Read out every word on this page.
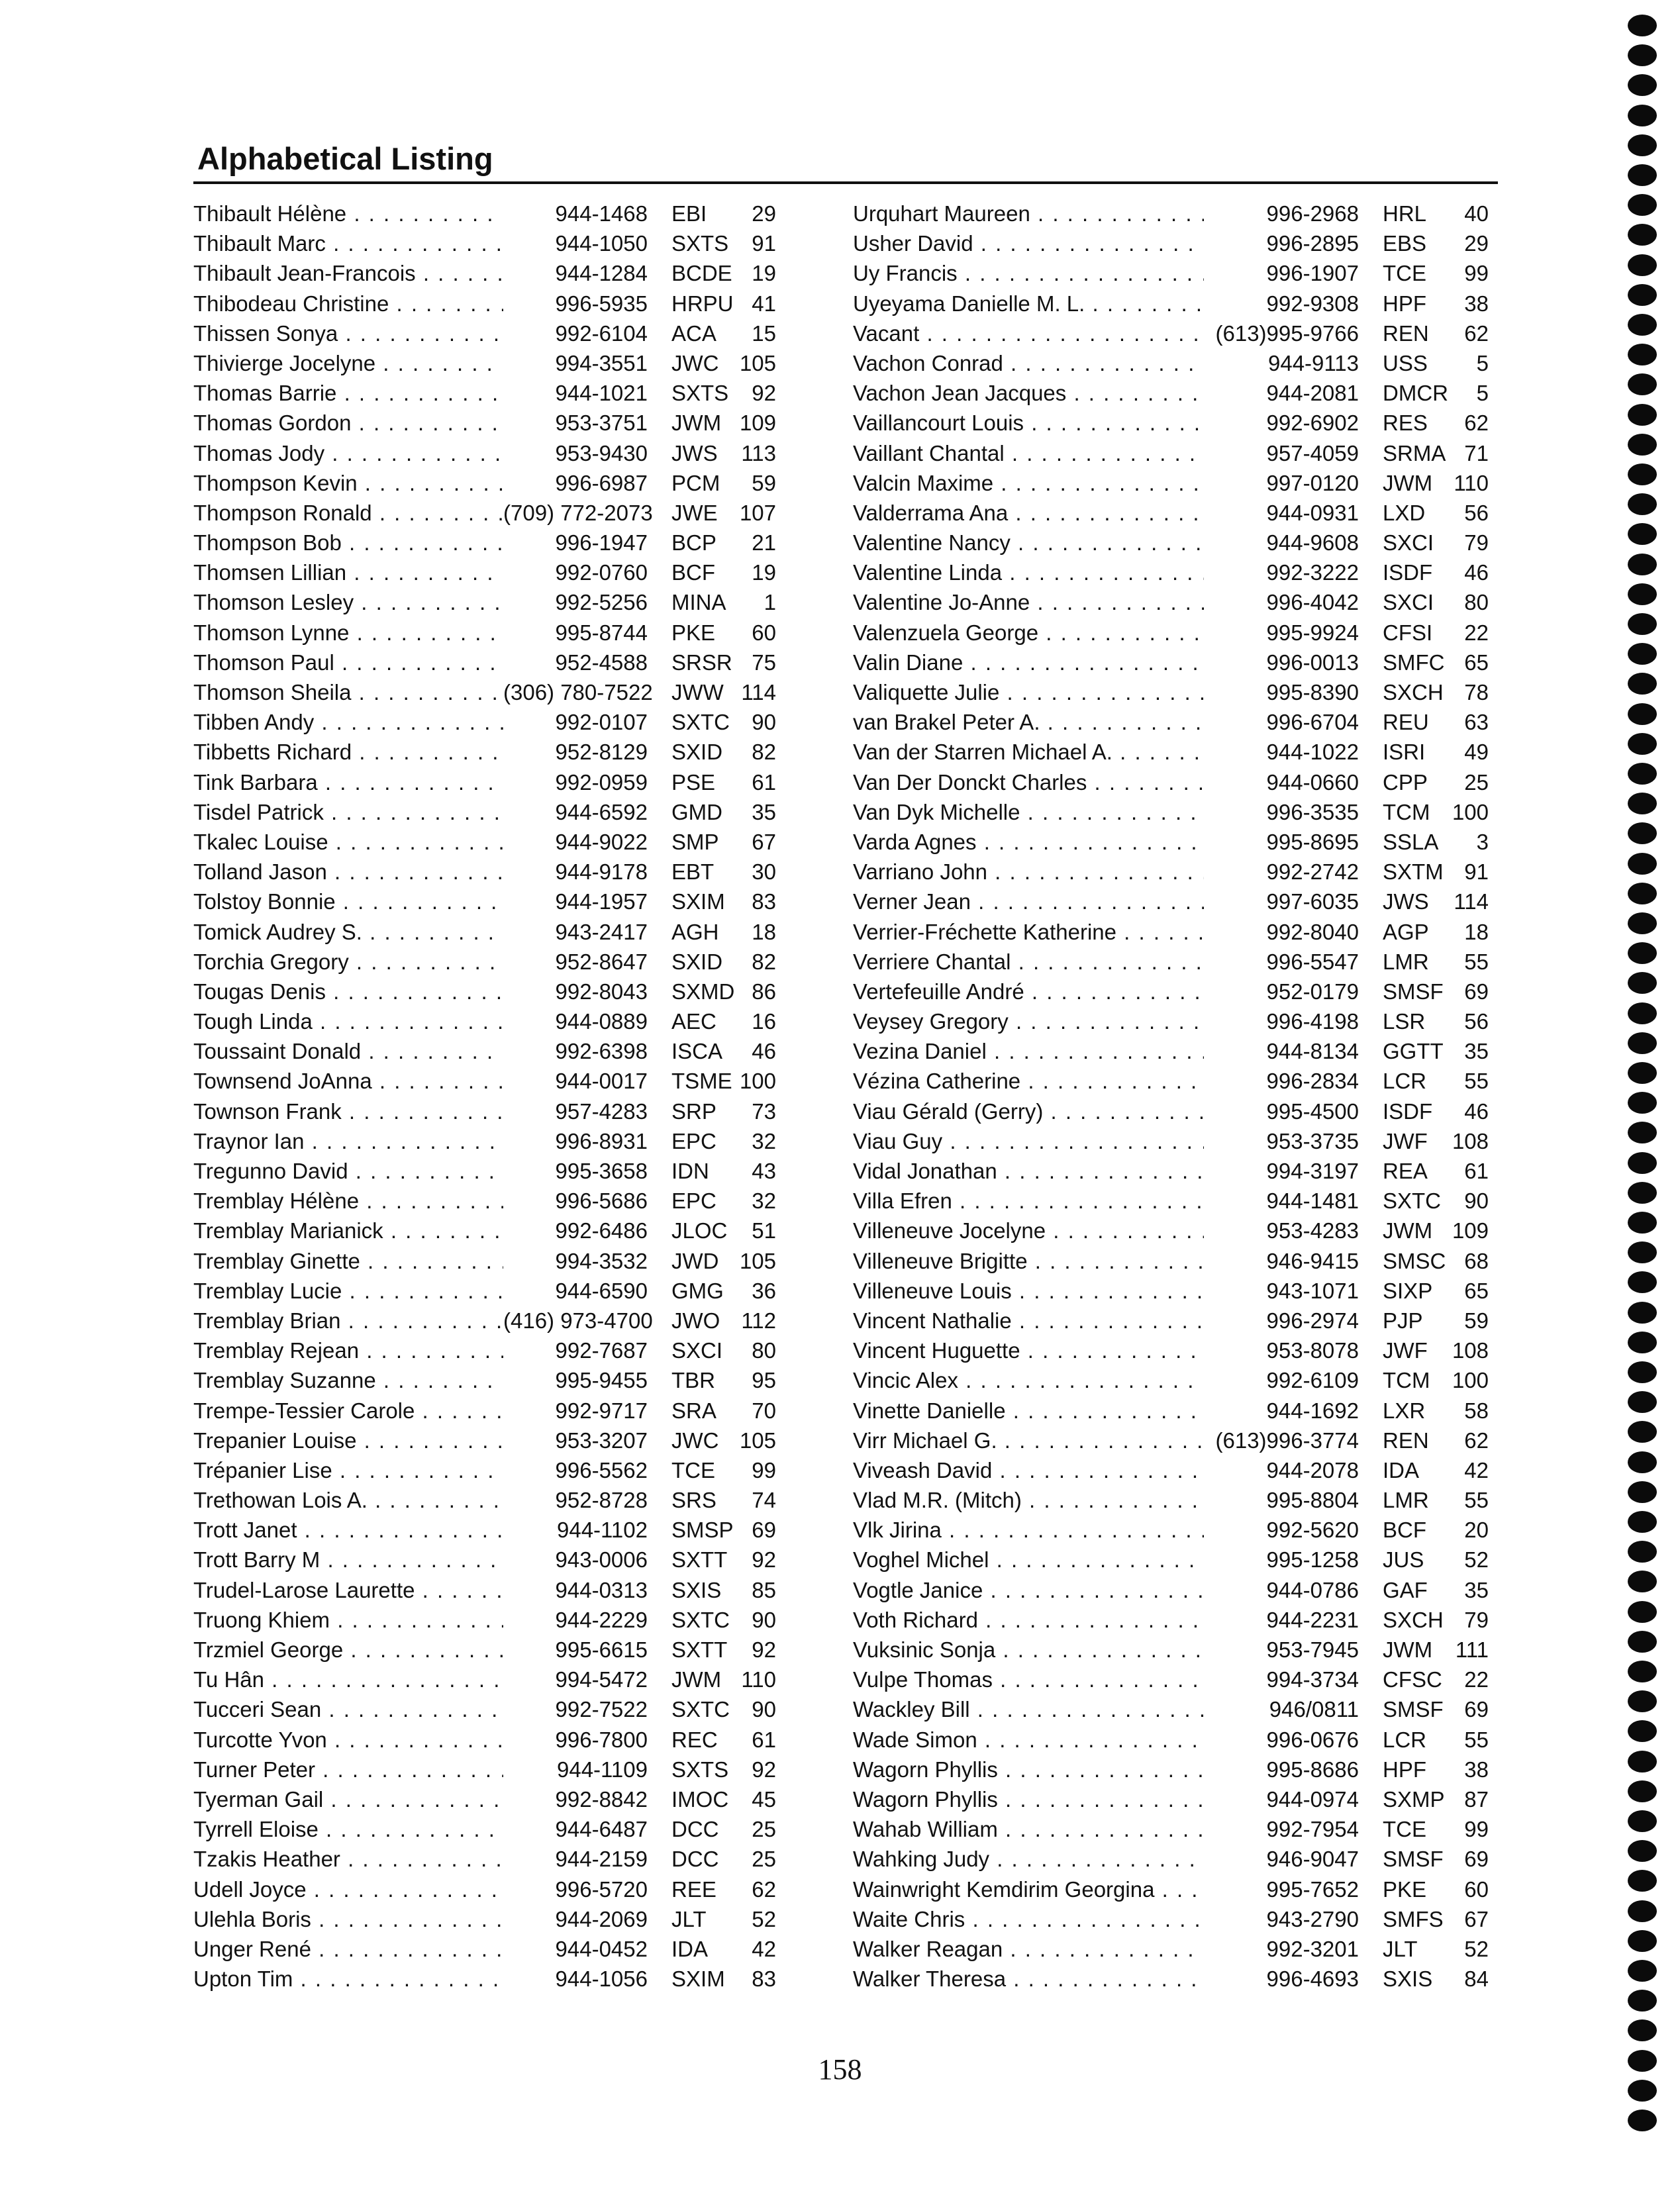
Alphabetical Listing
Thibault Hélène . . .	944-1468	EBI	29
Thibault Marc . . .	944-1050	SXTS	91
Thibault Jean-Francois . . .	944-1284	BCDE 19
Thibodeau Christine . . .	996-5935	HRPU 41
Thissen Sonya . . .	992-6104	ACA	15
Thivierge Jocelyne . . .	994-3551	JWC 105
Thomas Barrie . . .	944-1021	SXTS	92
Thomas Gordon . . .	953-3751	JWM 109
Thomas Jody . . .	953-9430	JWS	113
Thompson Kevin . . .	996-6987	PCM	59
Thompson Ronald . . .	(709) 772-2073 JWE	107
Thompson Bob . . .	996-1947	BCP	21
Thomsen Lillian . . .	992-0760	BCF	19
Thomson Lesley . . .	992-5256	MINA	1
Thomson Lynne . . .	995-8744	PKE	60
Thomson Paul . . .	952-4588	SRSR 75
Thomson Sheila . . .	(306) 780-7522 JWW 114
Tibben Andy . . .	992-0107	SXTC	90
Tibbetts Richard . . .	952-8129	SXID	82
Tink Barbara . . .	992-0959	PSE	61
Tisdel Patrick . . .	944-6592	GMD	35
Tkalec Louise . . .	944-9022	SMP	67
Tolland Jason . . .	944-9178	EBT	30
Tolstoy Bonnie . . .	944-1957	SXIM	83
Tomick Audrey S. . . .	943-2417	AGH	18
Torchia Gregory . . .	952-8647	SXID	82
Tougas Denis . . .	992-8043	SXMD 86
Tough Linda . . .	944-0889	AEC	16
Toussaint Donald . . .	992-6398	ISCA	46
Townsend JoAnna . . .	944-0017	TSME 100
Townson Frank . . .	957-4283	SRP	73
Traynor Ian . . .	996-8931	EPC	32
Tregunno David . . .	995-3658	IDN	43
Tremblay Hélène . . .	996-5686	EPC	32
Tremblay Marianick . . .	992-6486	JLOC	51
Tremblay Ginette . . .	994-3532	JWD 105
Tremblay Lucie . . .	944-6590	GMG	36
Tremblay Brian . . .	(416) 973-4700 JWO 112
Tremblay Rejean . . .	992-7687	SXCI	80
Tremblay Suzanne . . .	995-9455	TBR	95
Trempe-Tessier Carole . . .	992-9717	SRA	70
Trepanier Louise . . .	953-3207	JWC 105
Trépanier Lise . . .	996-5562	TCE	99
Trethowan Lois A. . . .	952-8728	SRS	74
Trott Janet . . .	944-1102	SMSP 69
Trott Barry M . . .	943-0006	SXTT	92
Trudel-Larose Laurette . . .	944-0313	SXIS	85
Truong Khiem . . .	944-2229	SXTC	90
Trzmiel George . . .	995-6615	SXTT	92
Tu Hân . . .	994-5472	JWM 110
Tucceri Sean . . .	992-7522	SXTC	90
Turcotte Yvon . . .	996-7800	REC	61
Turner Peter . . .	944-1109	SXTS	92
Tyerman Gail . . .	992-8842	IMOC	45
Tyrrell Eloise . . .	944-6487	DCC	25
Tzakis Heather . . .	944-2159	DCC	25
Udell Joyce . . .	996-5720	REE	62
Ulehla Boris . . .	944-2069	JLT	52
Unger René . . .	944-0452	IDA	42
Upton Tim . . .	944-1056	SXIM	83
Urquhart Maureen . . .	996-2968	HRL	40
Usher David . . .	996-2895	EBS	29
Uy Francis . . .	996-1907	TCE	99
Uyeyama Danielle M. L. . . .	992-9308	HPF	38
Vacant . . .	(613)995-9766	REN	62
Vachon Conrad . . .	944-9113	USS	5
Vachon Jean Jacques . . .	944-2081	DMCR	5
Vaillancourt Louis . . .	992-6902	RES	62
Vaillant Chantal . . .	957-4059	SRMA 71
Valcin Maxime . . .	997-0120	JWM 110
Valderrama Ana . . .	944-0931	LXD	56
Valentine Nancy . . .	944-9608	SXCI	79
Valentine Linda . . .	992-3222	ISDF	46
Valentine Jo-Anne . . .	996-4042	SXCI	80
Valenzuela George . . .	995-9924	CFSI	22
Valin Diane . . .	996-0013	SMFC 65
Valiquette Julie . . .	995-8390	SXCH 78
van Brakel Peter A. . . .	996-6704	REU	63
Van der Starren Michael A. . . .	944-1022	ISRI	49
Van Der Donckt Charles . . .	944-0660	CPP	25
Van Dyk Michelle . . .	996-3535	TCM	100
Varda Agnes . . .	995-8695	SSLA	3
Varriano John . . .	992-2742	SXTM 91
Verner Jean . . .	997-6035	JWS	114
Verrier-Fréchette Katherine . . .	992-8040	AGP	18
Verriere Chantal . . .	996-5547	LMR	55
Vertefeuille André . . .	952-0179	SMSF 69
Veysey Gregory . . .	996-4198	LSR	56
Vezina Daniel . . .	944-8134	GGTT 35
Vézina Catherine . . .	996-2834	LCR	55
Viau Gérald (Gerry) . . .	995-4500	ISDF	46
Viau Guy . . .	953-3735	JWF	108
Vidal Jonathan . . .	994-3197	REA	61
Villa Efren . . .	944-1481	SXTC	90
Villeneuve Jocelyne . . .	953-4283	JWM 109
Villeneuve Brigitte . . .	946-9415	SMSC 68
Villeneuve Louis . . .	943-1071	SIXP	65
Vincent Nathalie . . .	996-2974	PJP	59
Vincent Huguette . . .	953-8078	JWF	108
Vincic Alex . . .	992-6109	TCM	100
Vinette Danielle . . .	944-1692	LXR	58
Virr Michael G. . . .	(613)996-3774	REN	62
Viveash David . . .	944-2078	IDA	42
Vlad M.R. (Mitch) . . .	995-8804	LMR	55
Vlk Jirina . . .	992-5620	BCF	20
Voghel Michel . . .	995-1258	JUS	52
Vogtle Janice . . .	944-0786	GAF	35
Voth Richard . . .	944-2231	SXCH 79
Vuksinic Sonja . . .	953-7945	JWM	111
Vulpe Thomas . . .	994-3734	CFSC	22
Wackley Bill . . .	946/0811	SMSF 69
Wade Simon . . .	996-0676	LCR	55
Wagorn Phyllis . . .	995-8686	HPF	38
Wagorn Phyllis . . .	944-0974	SXMP 87
Wahab William . . .	992-7954	TCE	99
Wahking Judy . . .	946-9047	SMSF 69
Wainwright Kemdirim Georgina . . .	995-7652	PKE	60
Waite Chris . . .	943-2790	SMFS 67
Walker Reagan . . .	992-3201	JLT	52
Walker Theresa . . .	996-4693	SXIS	84
158
